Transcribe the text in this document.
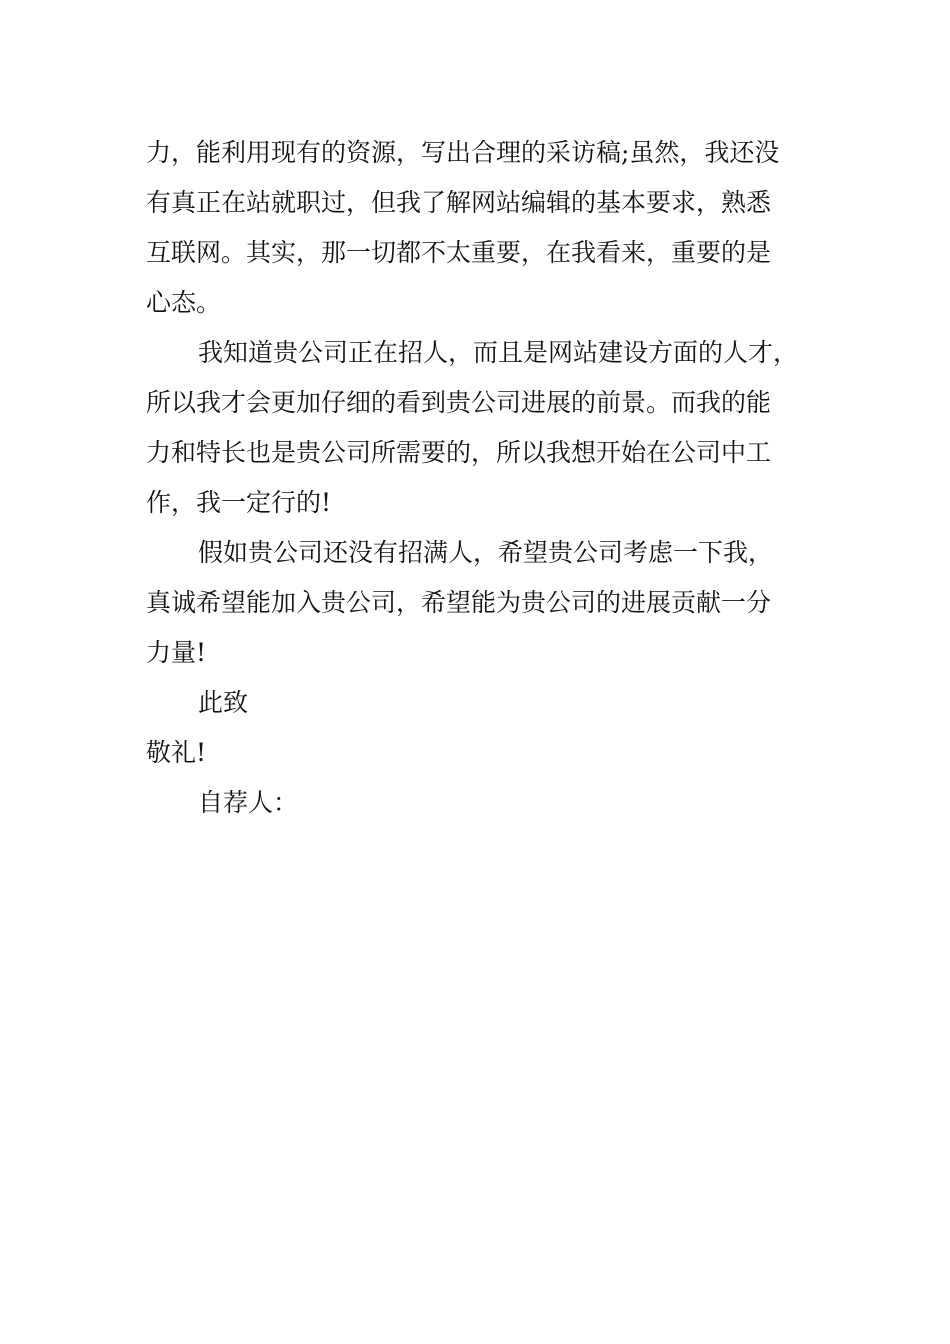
力，能利用现有的资源，写出合理的采访稿;虽然，我还没
有真正在站就职过，但我了解网站编辑的基本要求，熟悉
互联网。其实，那一切都不太重要，在我看来，重要的是
心态。
我知道贵公司正在招人，而且是网站建设方面的人才，
所以我才会更加仔细的看到贵公司进展的前景。而我的能
力和特长也是贵公司所需要的，所以我想开始在公司中工
作，我一定行的!
假如贵公司还没有招满人，希望贵公司考虑一下我，
真诚希望能加入贵公司，希望能为贵公司的进展贡献一分
力量!
此致
敬礼!
自荐人：
